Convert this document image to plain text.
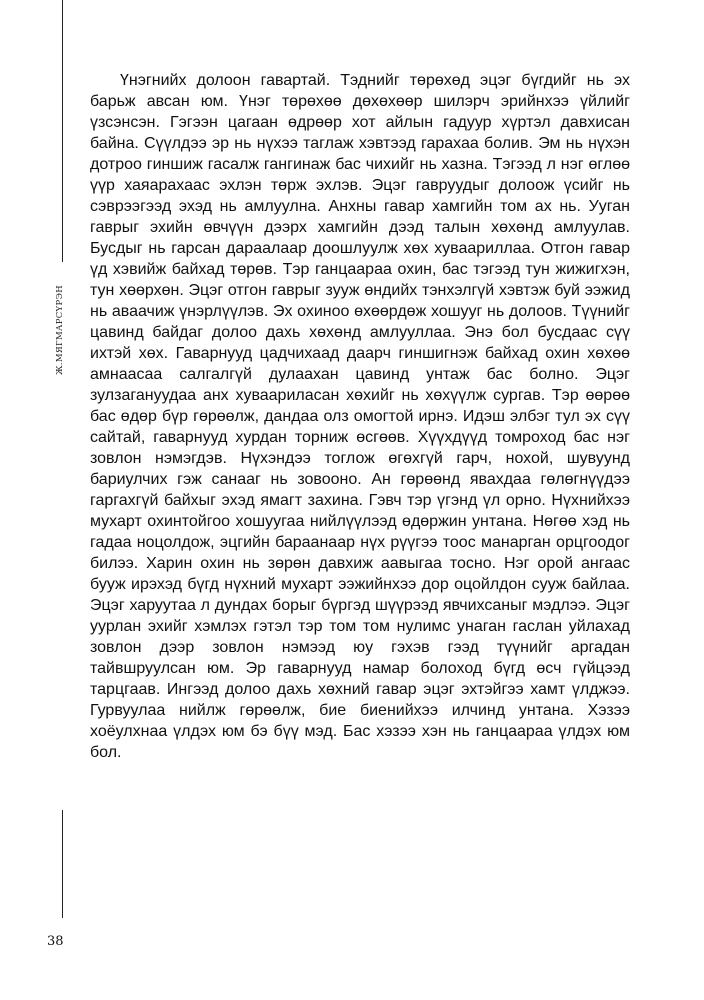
Ж.МЯГМАРСҮРЭН

Үнэгнийх долоон гавартай. Тэднийг төрөхөд эцэг бүгдийг нь эх барьж авсан юм. Үнэг төрөхөө дөхөхөөр шилэрч эрийнхээ үйлийг үзсэнсэн. Гэгээн цагаан өдрөөр хот айлын гадуур хүртэл давхисан байна. Сүүлдээ эр нь нүхээ таглаж хэвтээд гарахаа болив. Эм нь нүхэн дотроо гиншиж гасалж гангинаж бас чихийг нь хазна. Тэгээд л нэг өглөө үүр хаяарахаас эхлэн төрж эхлэв. Эцэг гавруудыг долоож үсийг нь сэврээгээд эхэд нь амлуулна. Анхны гавар хамгийн том ах нь. Ууган гаврыг эхийн өвчүүн дээрх хамгийн дээд талын хөхөнд амлуулав. Бусдыг нь гарсан дараалаар доошлуулж хөх хуваариллаа. Отгон гавар үд хэвийж байхад төрөв. Тэр ганцаараа охин, бас тэгээд тун жижигхэн, тун хөөрхөн. Эцэг отгон гаврыг зууж өндийх тэнхэлгүй хэвтэж буй ээжид нь аваачиж үнэрлүүлэв. Эх охиноо өхөөрдөж хошууг нь долоов. Түүнийг цавинд байдаг долоо дахь хөхөнд амлууллаа. Энэ бол бусдаас сүү ихтэй хөх. Гаварнууд цадчихаад даарч гиншигнэж байхад охин хөхөө амнаасаа салгалгүй дулаахан цавинд унтаж бас болно. Эцэг зулзагануудаа анх хуваариласан хөхийг нь хөхүүлж сургав. Тэр өөрөө бас өдөр бүр гөрөөлж, дандаа олз омогтой ирнэ. Идэш элбэг тул эх сүү сайтай, гаварнууд хурдан торниж өсгөөв. Хүүхдүүд томроход бас нэг зовлон нэмэгдэв. Нүхэндээ тоглож өгөхгүй гарч, нохой, шувуунд бариулчих гэж санааг нь зовооно. Ан гөрөөнд явахдаа гөлөгнүүдээ гаргахгүй байхыг эхэд ямагт захина. Гэвч тэр үгэнд үл орно. Нүхнийхээ мухарт охинтойгоо хошуугаа нийлүүлээд өдөржин унтана. Нөгөө хэд нь гадаа ноцолдож, эцгийн бараанаар нүх рүүгээ тоос манарган орцгоодог билээ. Харин охин нь зөрөн давхиж аавыгаа тосно. Нэг орой ангаас бууж ирэхэд бүгд нүхний мухарт ээжийнхээ дор оцойлдон сууж байлаа. Эцэг харуутаа л дундах борыг бүргэд шүүрээд явчихсаныг мэдлээ. Эцэг уурлан эхийг хэмлэх гэтэл тэр том том нулимс унаган гаслан уйлахад зовлон дээр зовлон нэмээд юу гэхэв гээд түүнийг аргадан тайвшруулсан юм. Эр гаварнууд намар болоход бүгд өсч гүйцээд тарцгаав. Ингээд долоо дахь хөхний гавар эцэг эхтэйгээ хамт үлджээ. Гурвуулаа нийлж гөрөөлж, бие биенийхээ илчинд унтана. Хэзээ хоёулхнаа үлдэх юм бэ бүү мэд. Бас хэзээ хэн нь ганцаараа үлдэх юм бол.

38
